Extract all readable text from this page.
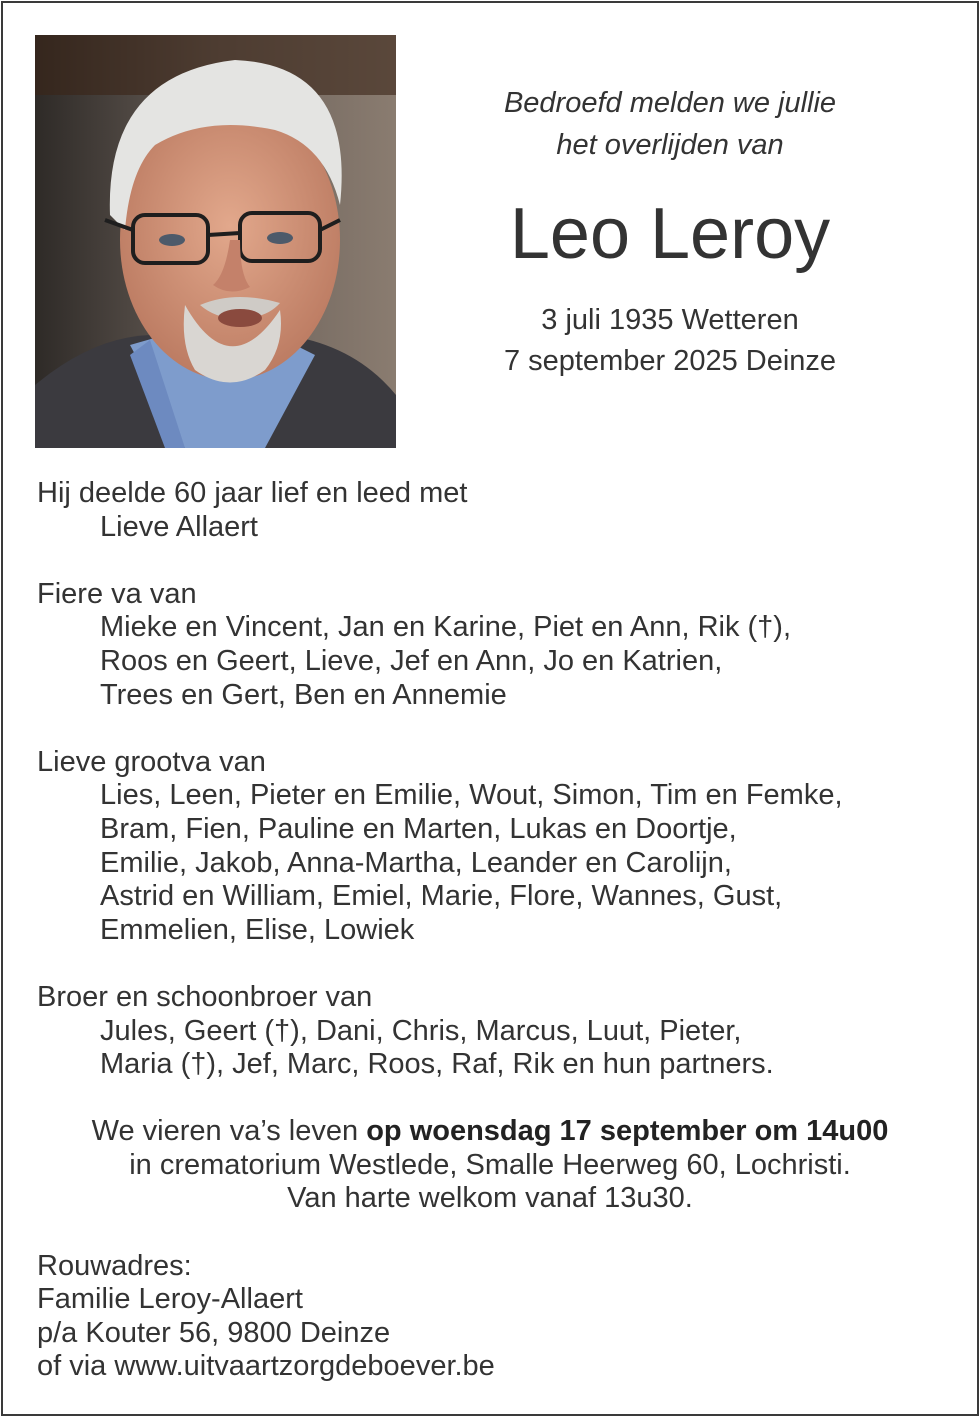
Bedroefd melden we jullie
het overlijden van
Leo Leroy
3 juli 1935 Wetteren
7 september 2025 Deinze
Hij deelde 60 jaar lief en leed met
Lieve Allaert
Fiere va van
Mieke en Vincent, Jan en Karine, Piet en Ann, Rik (†),
Roos en Geert, Lieve, Jef en Ann, Jo en Katrien,
Trees en Gert, Ben en Annemie
Lieve grootva van
Lies, Leen, Pieter en Emilie, Wout, Simon, Tim en Femke,
Bram, Fien, Pauline en Marten, Lukas en Doortje,
Emilie, Jakob, Anna-Martha, Leander en Carolijn,
Astrid en William, Emiel, Marie, Flore, Wannes, Gust,
Emmelien, Elise, Lowiek
Broer en schoonbroer van
Jules, Geert (†), Dani, Chris, Marcus, Luut, Pieter,
Maria (†), Jef, Marc, Roos, Raf, Rik en hun partners.

We vieren va’s leven op woensdag 17 september om 14u00

in crematorium Westlede, Smalle Heerweg 60, Lochristi.

Van harte welkom vanaf 13u30.

Rouwadres:

Familie Leroy-Allaert

p/a Kouter 56, 9800 Deinze

of via www.uitvaartzorgdeboever.be
